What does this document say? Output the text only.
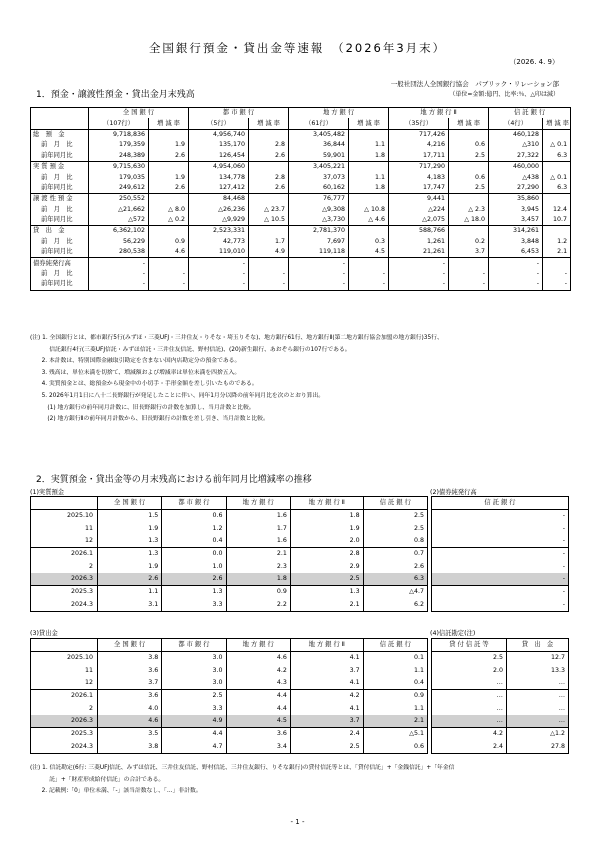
全国銀行預金・貸出金等速報　（2026年3月末）
（2026. 4. 9）
1．預金・譲渡性預金・貸出金月末残高
一般社団法人全国銀行協会　パブリック・リレーション部
（単位=金額:億円、比率:％、△印は減）
	全 国 銀 行		都 市 銀 行		地 方 銀 行		地 方 銀 行 Ⅱ		信 託 銀 行	
	（107行）	増 減 率	（5行）	増 減 率	（61行）	増 減 率	（35行）	増 減 率	（4行）	増 減 率
総　預　金	9,718,836		4,956,740		3,405,482		717,426		460,128	
前　月　比	179,359	1.9	135,170	2.8	36,844	1.1	4,216	0.6	△310	△ 0.1
前年同月比	248,389	2.6	126,454	2.6	59,901	1.8	17,711	2.5	27,322	6.3
実 質 預 金	9,715,630		4,954,060		3,405,221		717,290		460,000	
前　月　比	179,035	1.9	134,778	2.8	37,073	1.1	4,183	0.6	△438	△ 0.1
前年同月比	249,612	2.6	127,412	2.6	60,162	1.8	17,747	2.5	27,290	6.3
譲 渡 性 預 金	250,552		84,468		76,777		9,441		35,860	
前　月　比	△21,662	△ 8.0	△26,236	△ 23.7	△9,308	△ 10.8	△224	△ 2.3	3,945	12.4
前年同月比	△572	△ 0.2	△9,929	△ 10.5	△3,730	△ 4.6	△2,075	△ 18.0	3,457	10.7
貸　出　金	6,362,102		2,523,331		2,781,370		588,766		314,261	
前　月　比	56,229	0.9	42,773	1.7	7,697	0.3	1,261	0.2	3,848	1.2
前年同月比	280,538	4.6	119,010	4.9	119,118	4.5	21,261	3.7	6,453	2.1
債券純発行高	-		-		-		-		-	
前　月　比	-	-	-	-	-	-	-	-	-	-
前年同月比	-	-	-	-	-	-	-	-	-	-
(注) 1. 全国銀行とは、都市銀行5行(みずほ・三菱UFJ・三井住友・りそな・埼玉りそな)、地方銀行61行、地方銀行Ⅱ(第二地方銀行協会加盟の地方銀行)35行、
　　　 信託銀行4行(三菱UFJ信託・みずほ信託・三井住友信託、野村信託)、(20)新生銀行、あおぞら銀行の107行である。
　　2. 本計数は、特別国際金融取引勘定を含まない国内店勘定分の預金である。
　　3. 残高は、単位未満を切捨て、増減額および増減率は単位未満を四捨五入。
　　4. 実質預金とは、総預金から現金中の小切手・手形金額を差し引いたものである。
　　5. 2026年1月1日に八十二長野銀行が発足したことに伴い、同年1月分以降の前年同月比を次のとおり算出。
　　　(1) 地方銀行の前年同月計数に、旧長野銀行の計数を加算し、当月計数と比較。
　　　(2) 地方銀行Ⅱの前年同月計数から、旧長野銀行の計数を差し引き、当月計数と比較。
2．実質預金・貸出金等の月末残高における前年同月比増減率の推移
(1)実質預金	(2)債券純発行高
	全 国 銀 行	都 市 銀 行	地 方 銀 行	地 方 銀 行 Ⅱ	信 託 銀 行
2025.10	1.5	0.6	1.6	1.8	2.5
11	1.9	1.2	1.7	1.9	2.5
12	1.3	0.4	1.6	2.0	0.8
2026.1	1.3	0.0	2.1	2.8	0.7
2	1.9	1.0	2.3	2.9	2.6
2026.3	2.6	2.6	1.8	2.5	6.3
2025.3	1.1	1.3	0.9	1.3	△4.7
2024.3	3.1	3.3	2.2	2.1	6.2
信 託 銀 行
-
-
-
-
-
-
-
-
(3)貸出金	(4)信託勘定(注)
	全 国 銀 行	都 市 銀 行	地 方 銀 行	地 方 銀 行 Ⅱ	信 託 銀 行
2025.10	3.8	3.0	4.6	4.1	0.1
11	3.6	3.0	4.2	3.7	1.1
12	3.7	3.0	4.3	4.1	0.4
2026.1	3.6	2.5	4.4	4.2	0.9
2	4.0	3.3	4.4	4.1	1.1
2026.3	4.6	4.9	4.5	3.7	2.1
2025.3	3.5	4.4	3.6	2.4	△5.1
2024.3	3.8	4.7	3.4	2.5	0.6
貸 付 信 託 等	貸　出　金
2.5	12.7
2.0	13.3
…	…
…	…
…	…
…	…
4.2	△1.2
2.4	27.8
(注) 1. 信託勘定(6行: 三菱UFJ信託、みずほ信託、三井住友信託、野村信託、三井住友銀行、りそな銀行)の貸付信託等とは、「貸付信託」+「金銭信託」+「年金信
　　　 託」+「財産形成給付信託」の合計である。
　　2. 記載例:「0」単位未満、「-」該当計数なし、「…」非計数。
- 1 -
